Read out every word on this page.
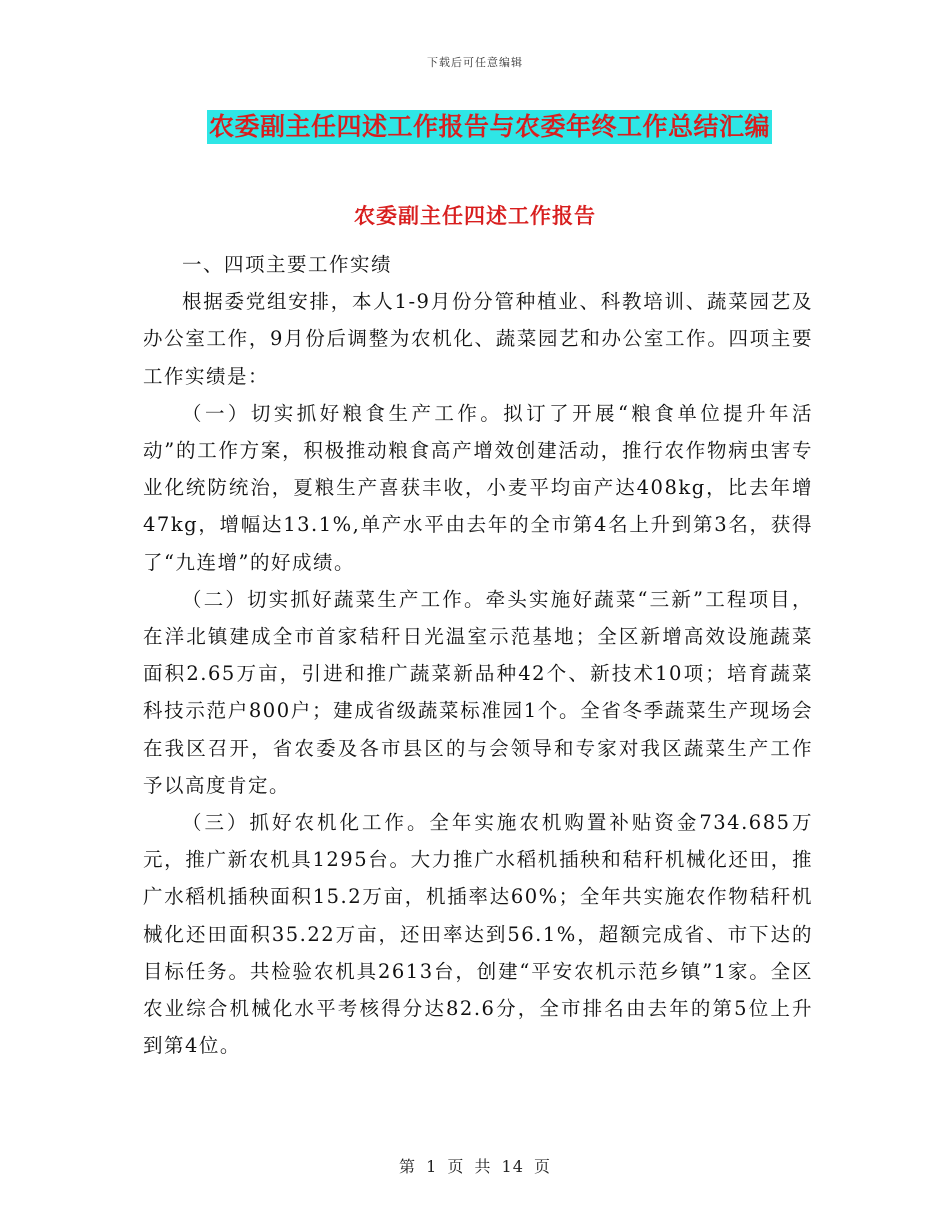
下载后可任意编辑
农委副主任四述工作报告与农委年终工作总结汇编
农委副主任四述工作报告

一、四项主要工作实绩

根据委党组安排，本人1-9月份分管种植业、科教培训、蔬菜园艺及办公室工作，9月份后调整为农机化、蔬菜园艺和办公室工作。四项主要工作实绩是：

（一）切实抓好粮食生产工作。拟订了开展“粮食单位提升年活动”的工作方案，积极推动粮食高产增效创建活动，推行农作物病虫害专业化统防统治，夏粮生产喜获丰收，小麦平均亩产达408kg，比去年增47kg，增幅达13.1%,单产水平由去年的全市第4名上升到第3名，获得了“九连增”的好成绩。

（二）切实抓好蔬菜生产工作。牵头实施好蔬菜“三新”工程项目，在洋北镇建成全市首家秸秆日光温室示范基地；全区新增高效设施蔬菜面积2.65万亩，引进和推广蔬菜新品种42个、新技术10项；培育蔬菜科技示范户800户；建成省级蔬菜标准园1个。全省冬季蔬菜生产现场会在我区召开，省农委及各市县区的与会领导和专家对我区蔬菜生产工作予以高度肯定。

（三）抓好农机化工作。全年实施农机购置补贴资金734.685万元，推广新农机具1295台。大力推广水稻机插秧和秸秆机械化还田，推广水稻机插秧面积15.2万亩，机插率达60%；全年共实施农作物秸秆机械化还田面积35.22万亩，还田率达到56.1%，超额完成省、市下达的目标任务。共检验农机具2613台，创建“平安农机示范乡镇”1家。全区农业综合机械化水平考核得分达82.6分，全市排名由去年的第5位上升到第4位。

第 1 页 共 14 页
